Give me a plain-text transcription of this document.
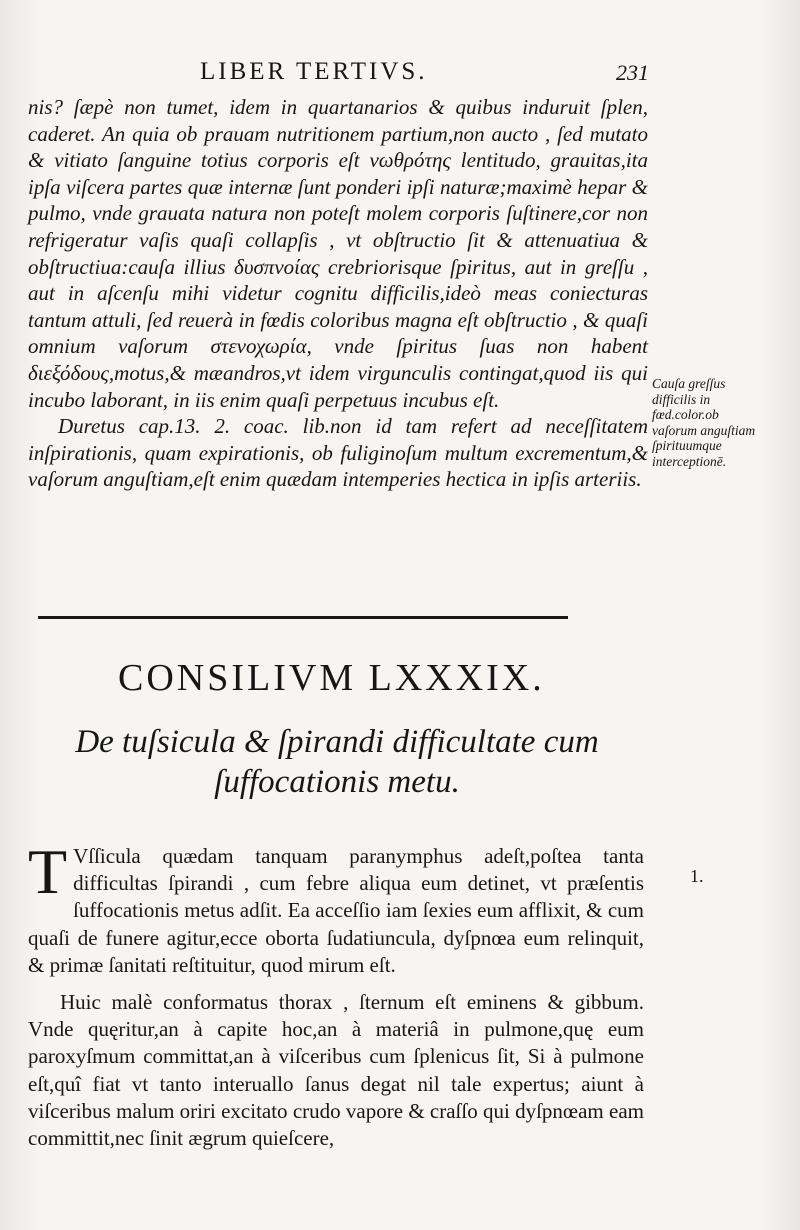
LIBER TERTIVS.	231

nis? ſæpè non tumet, idem in quartanarios & quibus induruit ſplen, caderet. An quia ob prauam nutritionem partium,non aucto , ſed mutato & vitiato ſanguine totius corporis eſt νωθρότης lentitudo, grauitas,ita ipſa viſcera partes quæ internæ ſunt ponderi ipſi naturæ;maximè hepar & pulmo, vnde grauata natura non poteſt molem corporis ſuſtinere,cor non refrigeratur vaſis quaſi collapſis , vt obſtructio ſit & attenuatiua & obſtructiua:cauſa illius δυσπνοίας crebriorisque ſpiritus, aut in greſſu , aut in aſcenſu mihi videtur cognitu difficilis,ideò meas coniecturas tantum attuli, ſed reuerà in fœdis coloribus magna eſt obſtructio , & quaſi omnium vaſorum στενοχωρία, vnde ſpiritus ſuas non habent διεξόδους,motus,& mæandros,vt idem virgunculis contingat,quod iis qui incubo laborant, in iis enim quaſi perpetuus incubus eſt.

Duretus cap.13. 2. coac. lib.non id tam refert ad neceſſitatem inſpirationis, quam expirationis, ob fuliginoſum multum excrementum,& vaſorum anguſtiam,eſt enim quædam intemperies hectica in ipſis arteriis.

Cauſa greſſus difficilis in fœd.color.ob vaſorum anguſtiam ſpirituumque interceptionē.
CONSILIVM LXXXIX.
De tuſsicula & ſpirandi difficultate cum ſuffocationis metu.

T Vſſicula quædam tanquam paranymphus adeſt,poſtea tanta difficultas ſpirandi , cum febre aliqua eum detinet, vt præſentis ſuffocationis metus adſit. Ea acceſſio iam ſexies eum afflixit, & cum quaſi de funere agitur,ecce oborta ſudatiuncula, dyſpnœa eum relinquit, & primæ ſanitati reſtituitur, quod mirum eſt.

Huic malè conformatus thorax , ſternum eſt eminens & gibbum. Vnde quęritur,an à capite hoc,an à materiâ in pulmone,quę eum paroxyſmum committat,an à viſceribus cum ſplenicus ſit, Si à pulmone eſt,quî fiat vt tanto interuallo ſanus degat nil tale expertus; aiunt à viſceribus malum oriri excitato crudo vapore & craſſo qui dyſpnœam eam committit,nec ſinit ægrum quieſcere,

1.
